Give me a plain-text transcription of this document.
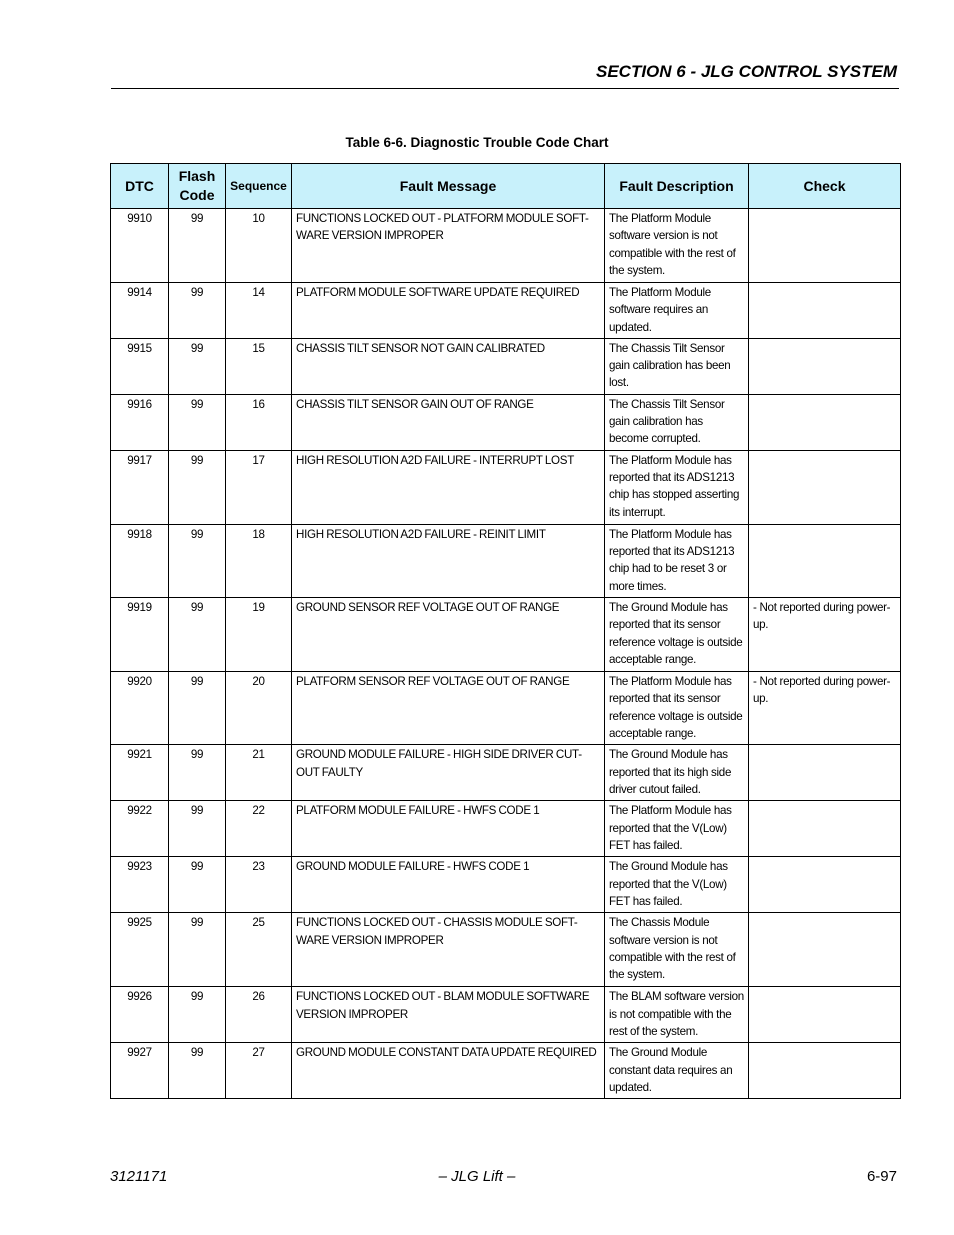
SECTION 6 - JLG CONTROL SYSTEM
Table 6-6. Diagnostic Trouble Code Chart
DTC	Flash Code	Sequence	Fault Message	Fault Description	Check
9910	99	10	FUNCTIONS LOCKED OUT - PLATFORM MODULE SOFT-WARE VERSION IMPROPER	The Platform Module software version is not compatible with the rest of the system.	
9914	99	14	PLATFORM MODULE SOFTWARE UPDATE REQUIRED	The Platform Module software requires an updated.	
9915	99	15	CHASSIS TILT SENSOR NOT GAIN CALIBRATED	The Chassis Tilt Sensor gain calibration has been lost.	
9916	99	16	CHASSIS TILT SENSOR GAIN OUT OF RANGE	The Chassis Tilt Sensor gain calibration has become corrupted.	
9917	99	17	HIGH RESOLUTION A2D FAILURE - INTERRUPT LOST	The Platform Module has reported that its ADS1213 chip has stopped asserting its interrupt.	
9918	99	18	HIGH RESOLUTION A2D FAILURE - REINIT LIMIT	The Platform Module has reported that its ADS1213 chip had to be reset 3 or more times.	
9919	99	19	GROUND SENSOR REF VOLTAGE OUT OF RANGE	The Ground Module has reported that its sensor reference voltage is outside acceptable range.	- Not reported during power-up.
9920	99	20	PLATFORM SENSOR REF VOLTAGE OUT OF RANGE	The Platform Module has reported that its sensor reference voltage is outside acceptable range.	- Not reported during power-up.
9921	99	21	GROUND MODULE FAILURE - HIGH SIDE DRIVER CUT-OUT FAULTY	The Ground Module has reported that its high side driver cutout failed.	
9922	99	22	PLATFORM MODULE FAILURE - HWFS CODE 1	The Platform Module has reported that the V(Low) FET has failed.	
9923	99	23	GROUND MODULE FAILURE - HWFS CODE 1	The Ground Module has reported that the V(Low) FET has failed.	
9925	99	25	FUNCTIONS LOCKED OUT - CHASSIS MODULE SOFT-WARE VERSION IMPROPER	The Chassis Module software version is not compatible with the rest of the system.	
9926	99	26	FUNCTIONS LOCKED OUT - BLAM MODULE SOFTWARE VERSION IMPROPER	The BLAM software version is not compatible with the rest of the system.	
9927	99	27	GROUND MODULE CONSTANT DATA UPDATE REQUIRED	The Ground Module constant data requires an updated.	
3121171	– JLG Lift –	6-97
